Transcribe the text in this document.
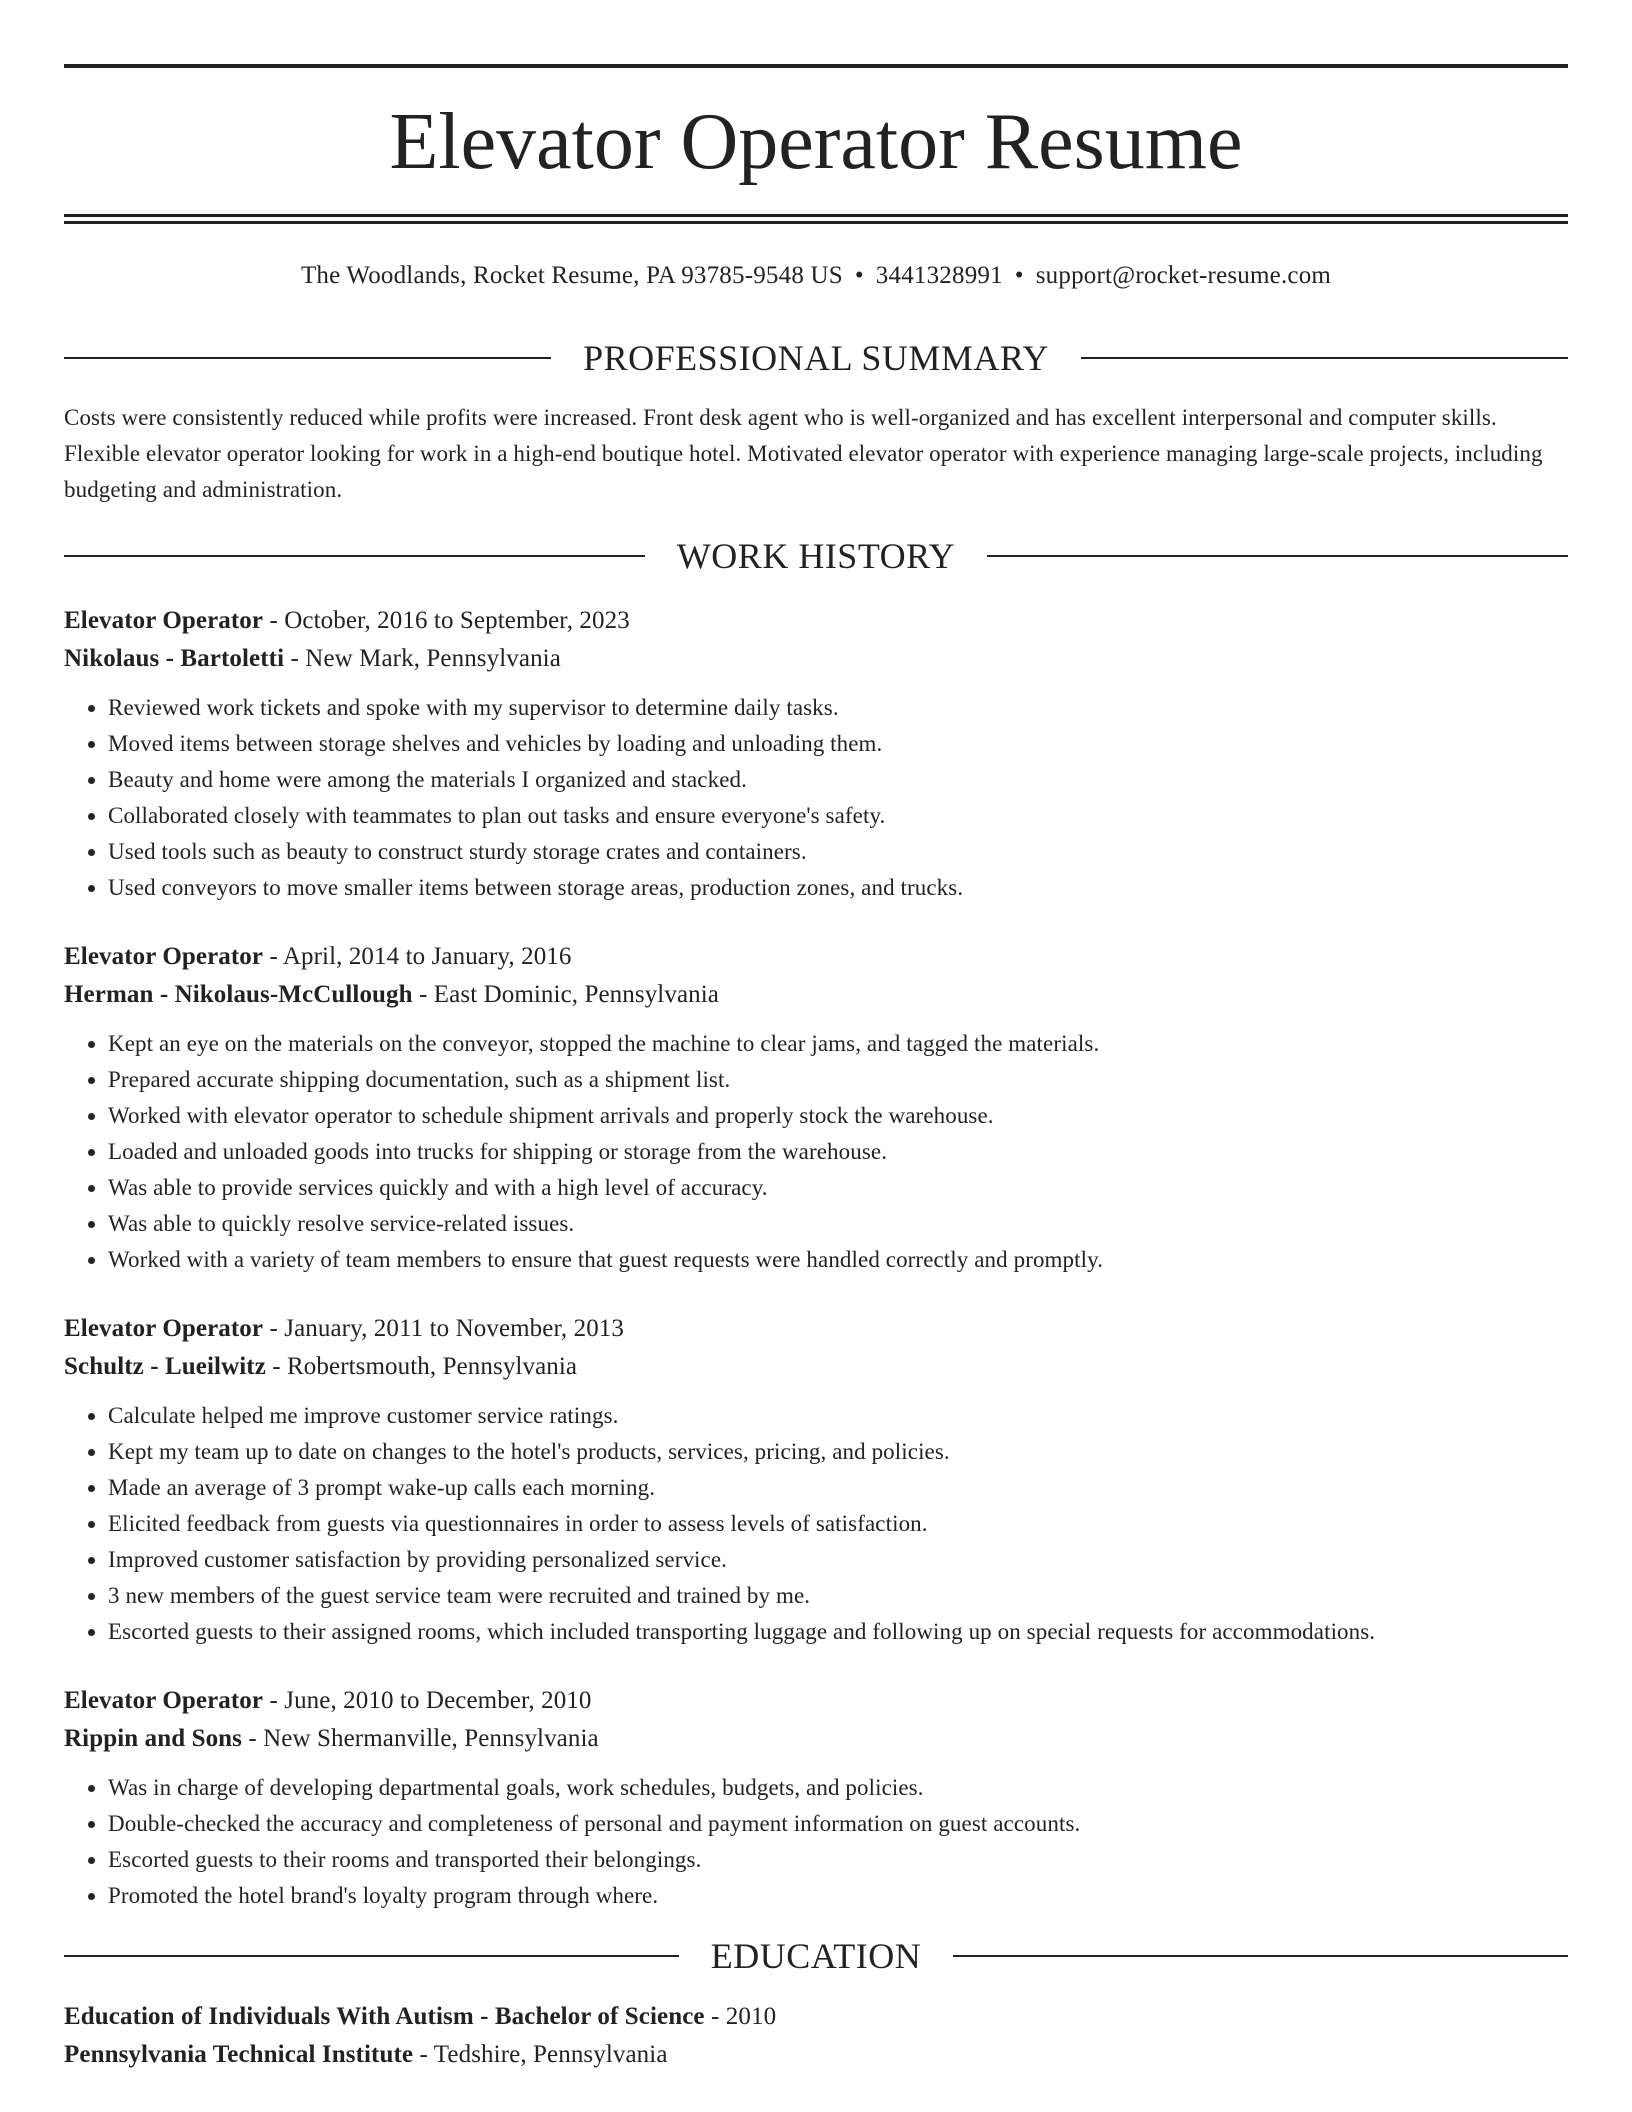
Elevator Operator Resume
The Woodlands, Rocket Resume, PA 93785-9548 US • 3441328991 • support@rocket-resume.com
PROFESSIONAL SUMMARY
Costs were consistently reduced while profits were increased. Front desk agent who is well-organized and has excellent interpersonal and computer skills. Flexible elevator operator looking for work in a high-end boutique hotel. Motivated elevator operator with experience managing large-scale projects, including budgeting and administration.
WORK HISTORY
Elevator Operator - October, 2016 to September, 2023
Nikolaus - Bartoletti - New Mark, Pennsylvania
• Reviewed work tickets and spoke with my supervisor to determine daily tasks.
• Moved items between storage shelves and vehicles by loading and unloading them.
• Beauty and home were among the materials I organized and stacked.
• Collaborated closely with teammates to plan out tasks and ensure everyone's safety.
• Used tools such as beauty to construct sturdy storage crates and containers.
• Used conveyors to move smaller items between storage areas, production zones, and trucks.
Elevator Operator - April, 2014 to January, 2016
Herman - Nikolaus-McCullough - East Dominic, Pennsylvania
• Kept an eye on the materials on the conveyor, stopped the machine to clear jams, and tagged the materials.
• Prepared accurate shipping documentation, such as a shipment list.
• Worked with elevator operator to schedule shipment arrivals and properly stock the warehouse.
• Loaded and unloaded goods into trucks for shipping or storage from the warehouse.
• Was able to provide services quickly and with a high level of accuracy.
• Was able to quickly resolve service-related issues.
• Worked with a variety of team members to ensure that guest requests were handled correctly and promptly.
Elevator Operator - January, 2011 to November, 2013
Schultz - Lueilwitz - Robertsmouth, Pennsylvania
• Calculate helped me improve customer service ratings.
• Kept my team up to date on changes to the hotel's products, services, pricing, and policies.
• Made an average of 3 prompt wake-up calls each morning.
• Elicited feedback from guests via questionnaires in order to assess levels of satisfaction.
• Improved customer satisfaction by providing personalized service.
• 3 new members of the guest service team were recruited and trained by me.
• Escorted guests to their assigned rooms, which included transporting luggage and following up on special requests for accommodations.
Elevator Operator - June, 2010 to December, 2010
Rippin and Sons - New Shermanville, Pennsylvania
• Was in charge of developing departmental goals, work schedules, budgets, and policies.
• Double-checked the accuracy and completeness of personal and payment information on guest accounts.
• Escorted guests to their rooms and transported their belongings.
• Promoted the hotel brand's loyalty program through where.
EDUCATION
Education of Individuals With Autism - Bachelor of Science - 2010
Pennsylvania Technical Institute - Tedshire, Pennsylvania
